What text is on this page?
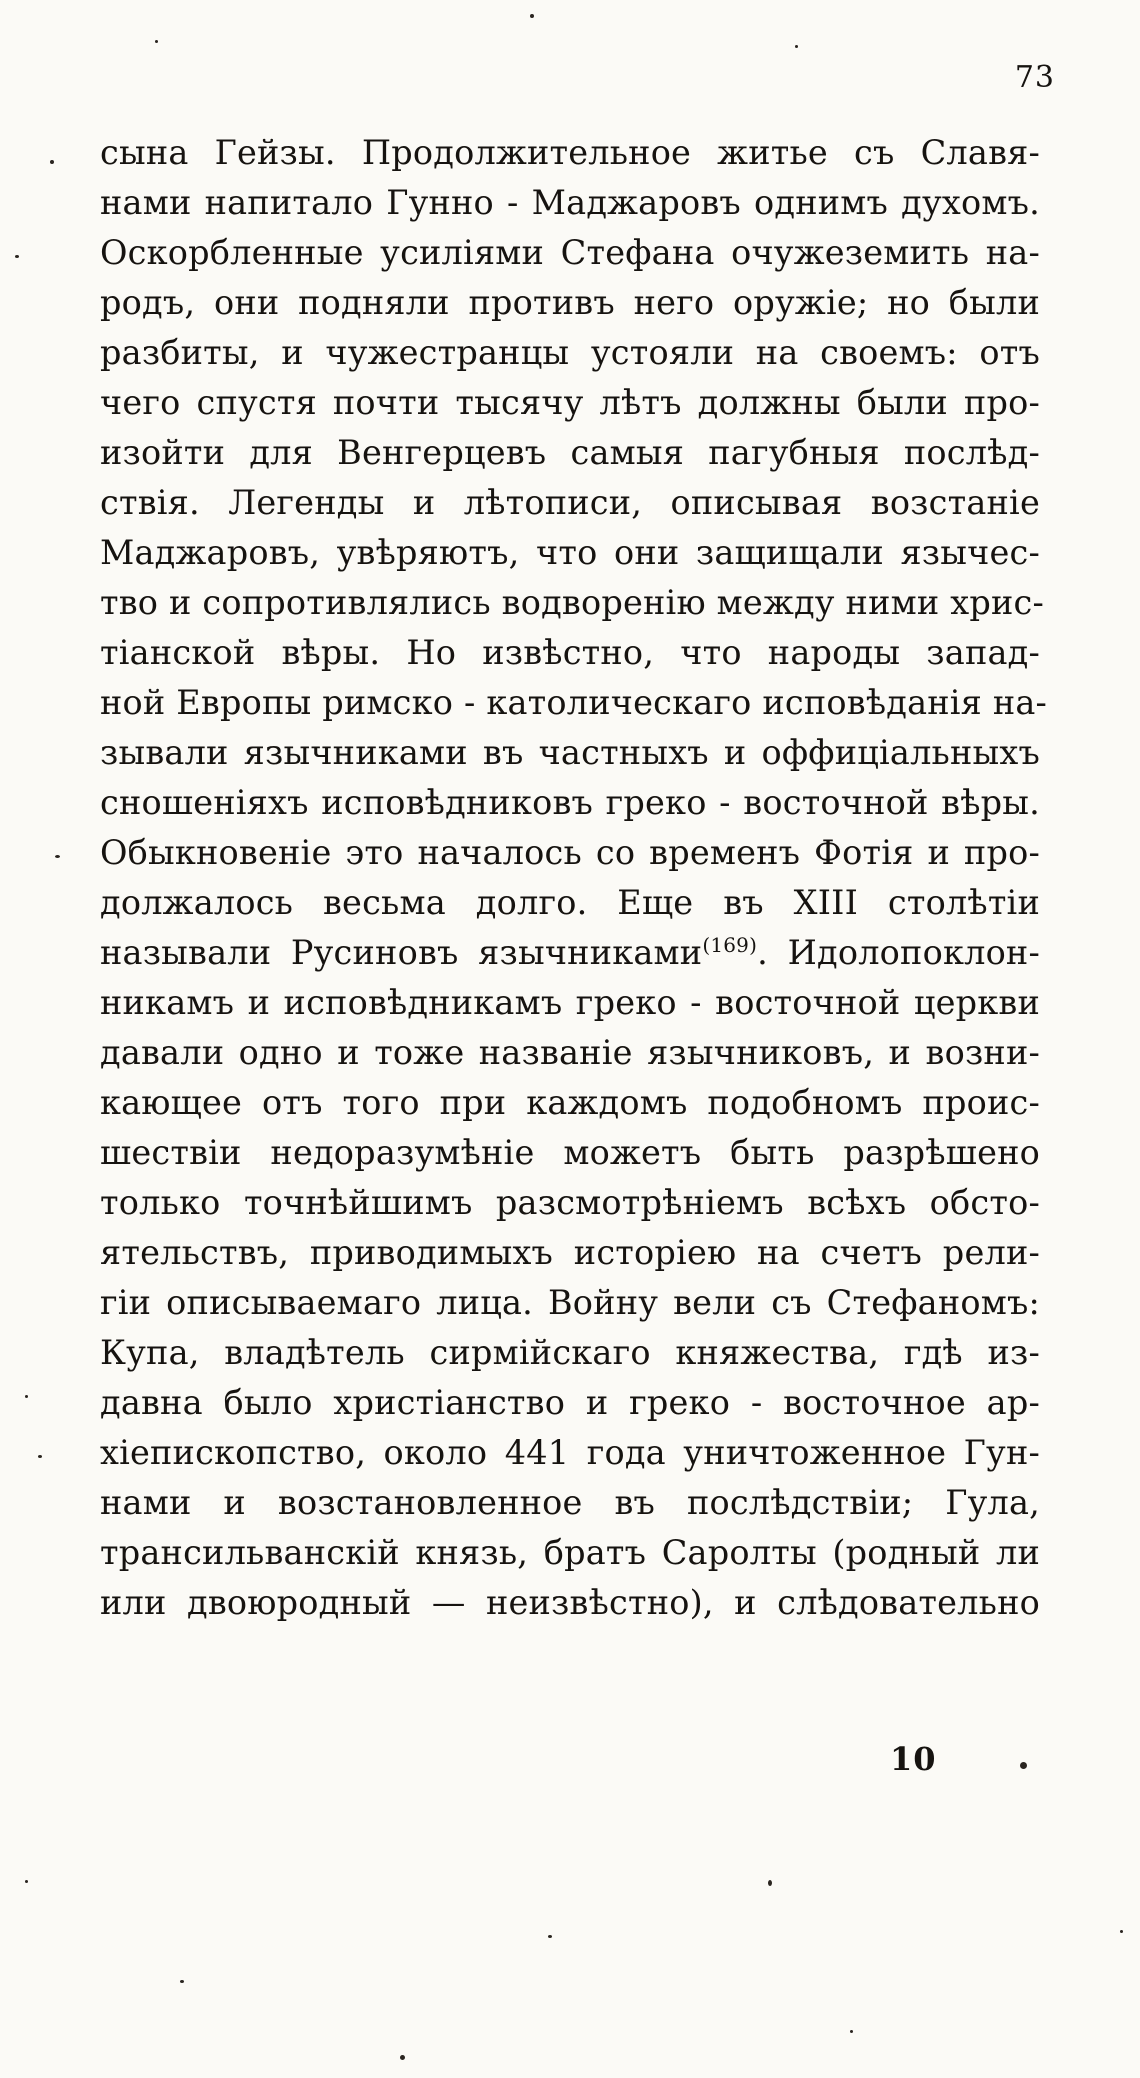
73
сына Гейзы. Продолжительное житье съ Славя-
нами напитало Гунно - Маджаровъ однимъ духомъ.
Оскорбленные усиліями Стефана очужеземить на-
родъ, они подняли противъ него оружіе; но были
разбиты, и чужестранцы устояли на своемъ: отъ
чего спустя почти тысячу лѣтъ должны были про-
изойти для Венгерцевъ самыя пагубныя послѣд-
ствія. Легенды и лѣтописи, описывая возстаніе
Маджаровъ, увѣряютъ, что они защищали язычес-
тво и сопротивлялись водворенію между ними хрис-
тіанской вѣры. Но извѣстно, что народы запад-
ной Европы римско - католическаго исповѣданія на-
зывали язычниками въ частныхъ и оффиціальныхъ
сношеніяхъ исповѣдниковъ греко - восточной вѣры.
Обыкновеніе это началось со временъ Фотія и про-
должалось весьма долго. Еще въ XIII столѣтіи
называли Русиновъ язычниками$^{(169)}$. Идолопоклон-
никамъ и исповѣдникамъ греко - восточной церкви
давали одно и тоже названіе язычниковъ, и возни-
кающее отъ того при каждомъ подобномъ проис-
шествіи недоразумѣніе можетъ быть разрѣшено
только точнѣйшимъ разсмотрѣніемъ всѣхъ обсто-
ятельствъ, приводимыхъ исторіею на счетъ рели-
гіи описываемаго лица. Войну вели съ Стефаномъ:
Купа, владѣтель сирмійскаго княжества, гдѣ из-
давна было христіанство и греко - восточное ар-
хіепископство, около 441 года уничтоженное Гун-
нами и возстановленное въ послѣдствіи; Гула,
трансильванскій князь, братъ Саролты (родный ли
или двоюродный — неизвѣстно), и слѣдовательно
10
